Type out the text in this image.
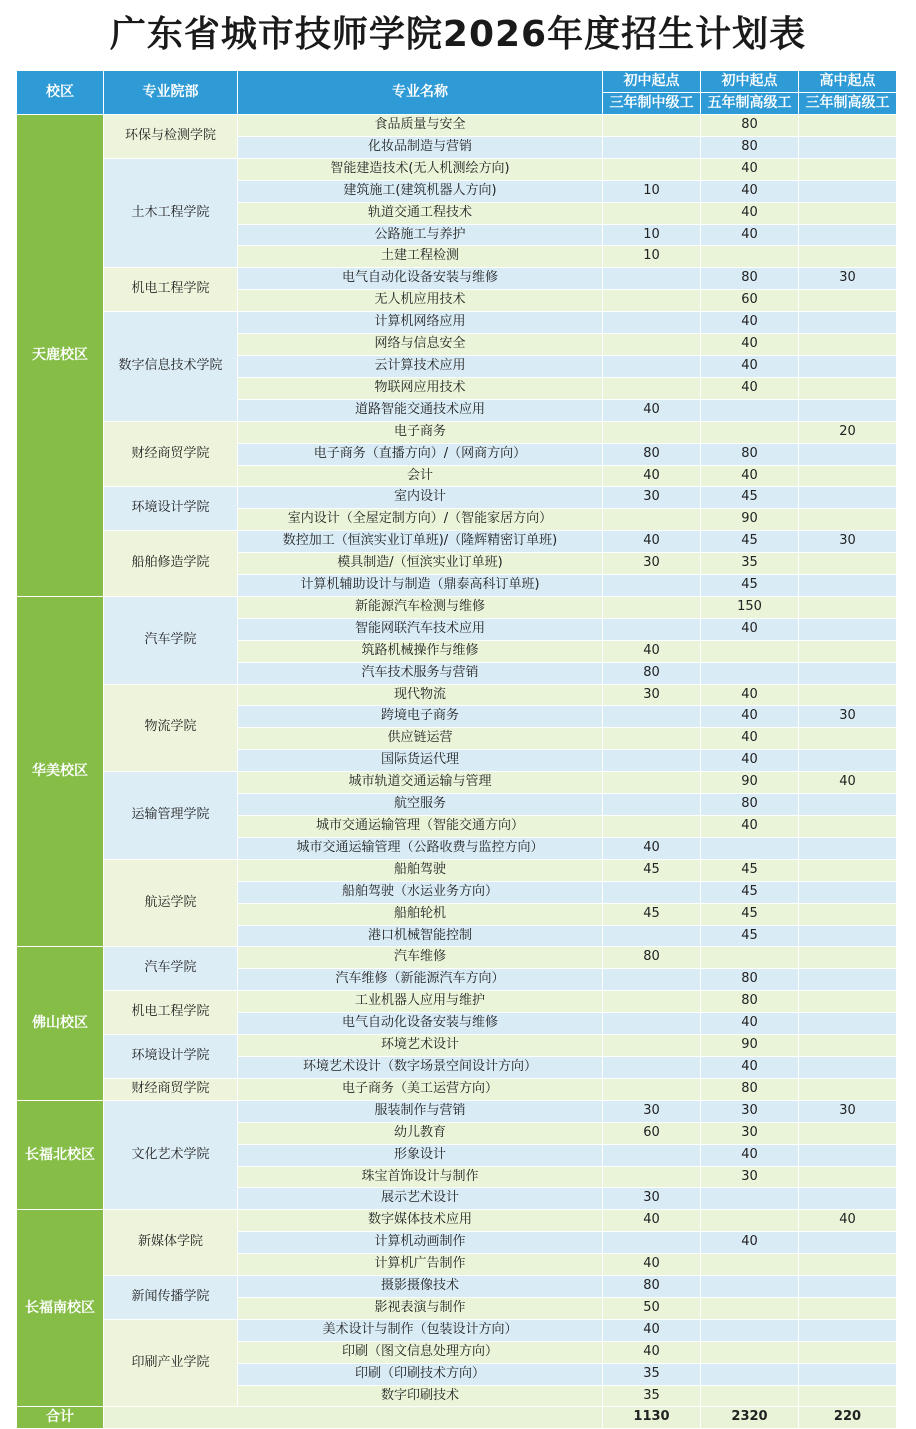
广东省城市技师学院2026年度招生计划表
校区	专业院部	专业名称	初中起点	初中起点	高中起点
			三年制中级工	五年制高级工	三年制高级工
天鹿校区	环保与检测学院	食品质量与安全		80	
		化妆品制造与营销		80	
	土木工程学院	智能建造技术(无人机测绘方向)		40	
		建筑施工(建筑机器人方向)	10	40	
		轨道交通工程技术		40	
		公路施工与养护	10	40	
		土建工程检测	10		
	机电工程学院	电气自动化设备安装与维修		80	30
		无人机应用技术		60	
	数字信息技术学院	计算机网络应用		40	
		网络与信息安全		40	
		云计算技术应用		40	
		物联网应用技术		40	
		道路智能交通技术应用	40		
	财经商贸学院	电子商务			20
		电子商务（直播方向）/（网商方向）	80	80	
		会计	40	40	
	环境设计学院	室内设计	30	45	
		室内设计（全屋定制方向）/（智能家居方向）		90	
	船舶修造学院	数控加工（恒滨实业订单班)/（隆辉精密订单班)	40	45	30
		模具制造/（恒滨实业订单班)	30	35	
		计算机辅助设计与制造（鼎泰高科订单班)		45	
华美校区	汽车学院	新能源汽车检测与维修		150	
		智能网联汽车技术应用		40	
		筑路机械操作与维修	40		
		汽车技术服务与营销	80		
	物流学院	现代物流	30	40	
		跨境电子商务		40	30
		供应链运营		40	
		国际货运代理		40	
	运输管理学院	城市轨道交通运输与管理		90	40
		航空服务		80	
		城市交通运输管理（智能交通方向）		40	
		城市交通运输管理（公路收费与监控方向）	40		
	航运学院	船舶驾驶	45	45	
		船舶驾驶（水运业务方向）		45	
		船舶轮机	45	45	
		港口机械智能控制		45	
佛山校区	汽车学院	汽车维修	80		
		汽车维修（新能源汽车方向）		80	
	机电工程学院	工业机器人应用与维护		80	
		电气自动化设备安装与维修		40	
	环境设计学院	环境艺术设计		90	
		环境艺术设计（数字场景空间设计方向）		40	
	财经商贸学院	电子商务（美工运营方向）		80	
长福北校区	文化艺术学院	服装制作与营销	30	30	30
		幼儿教育	60	30	
		形象设计		40	
		珠宝首饰设计与制作		30	
		展示艺术设计	30		
长福南校区	新媒体学院	数字媒体技术应用	40		40
		计算机动画制作		40	
		计算机广告制作	40		
	新闻传播学院	摄影摄像技术	80		
		影视表演与制作	50		
	印刷产业学院	美术设计与制作（包装设计方向）	40		
		印刷（图文信息处理方向）	40		
		印刷（印刷技术方向）	35		
		数字印刷技术	35		
合计			1130	2320	220
